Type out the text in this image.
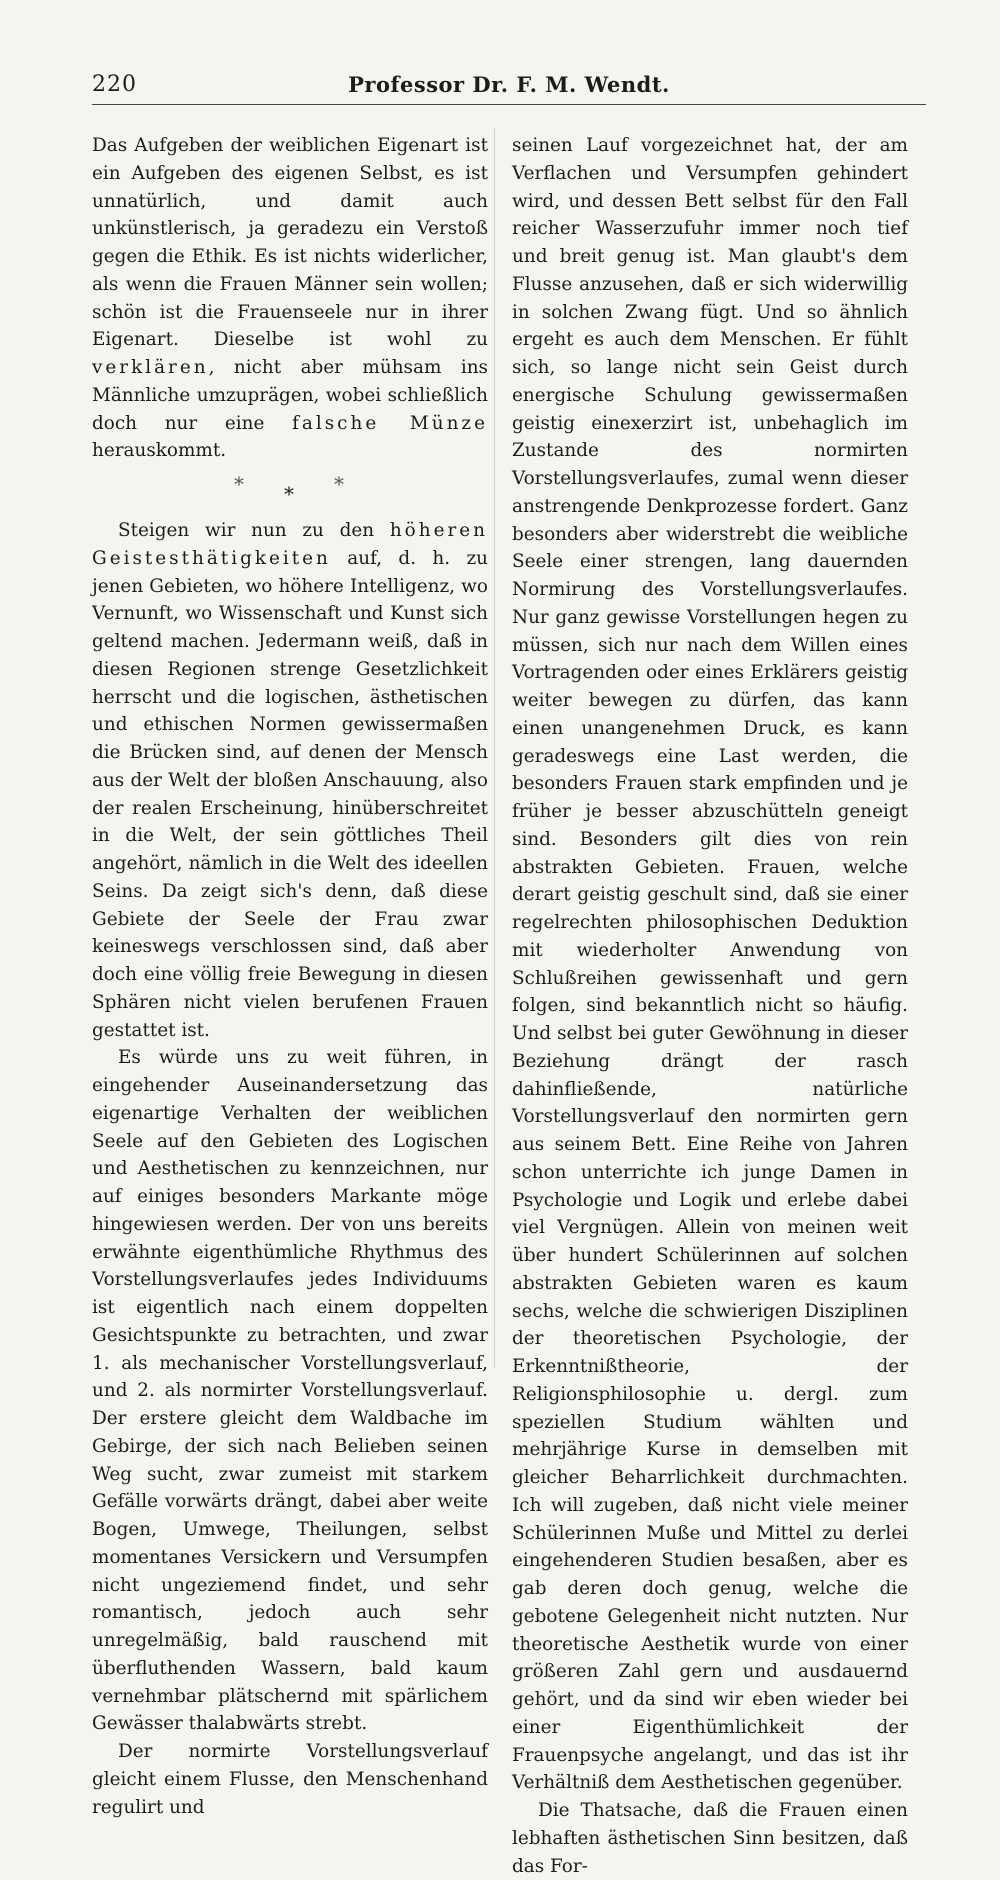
220	Professor Dr. F. M. Wendt.

Das Aufgeben der weiblichen Eigenart ist ein Aufgeben des eigenen Selbst, es ist unnatürlich, und damit auch unkünstlerisch, ja geradezu ein Verstoß gegen die Ethik. Es ist nichts widerlicher, als wenn die Frauen Männer sein wollen; schön ist die Frauenseele nur in ihrer Eigenart. Dieselbe ist wohl zu verklären, nicht aber mühsam ins Männliche umzuprägen, wobei schließlich doch nur eine falsche Münze herauskommt.

* * *

Steigen wir nun zu den höheren Geistesthätigkeiten auf, d. h. zu jenen Gebieten, wo höhere Intelligenz, wo Vernunft, wo Wissenschaft und Kunst sich geltend machen. Jedermann weiß, daß in diesen Regionen strenge Gesetzlichkeit herrscht und die logischen, ästhetischen und ethischen Normen gewissermaßen die Brücken sind, auf denen der Mensch aus der Welt der bloßen Anschauung, also der realen Erscheinung, hinüberschreitet in die Welt, der sein göttliches Theil angehört, nämlich in die Welt des ideellen Seins. Da zeigt sich's denn, daß diese Gebiete der Seele der Frau zwar keineswegs verschlossen sind, daß aber doch eine völlig freie Bewegung in diesen Sphären nicht vielen berufenen Frauen gestattet ist.

Es würde uns zu weit führen, in eingehender Auseinandersetzung das eigenartige Verhalten der weiblichen Seele auf den Gebieten des Logischen und Aesthetischen zu kennzeichnen, nur auf einiges besonders Markante möge hingewiesen werden. Der von uns bereits erwähnte eigenthümliche Rhythmus des Vorstellungsverlaufes jedes Individuums ist eigentlich nach einem doppelten Gesichtspunkte zu betrachten, und zwar 1. als mechanischer Vorstellungsverlauf, und 2. als normirter Vorstellungsverlauf. Der erstere gleicht dem Waldbache im Gebirge, der sich nach Belieben seinen Weg sucht, zwar zumeist mit starkem Gefälle vorwärts drängt, dabei aber weite Bogen, Umwege, Theilungen, selbst momentanes Versickern und Versumpfen nicht ungeziemend findet, und sehr romantisch, jedoch auch sehr unregelmäßig, bald rauschend mit überfluthenden Wassern, bald kaum vernehmbar plätschernd mit spärlichem Gewässer thalabwärts strebt.

Der normirte Vorstellungsverlauf gleicht einem Flusse, den Menschenhand regulirt und

seinen Lauf vorgezeichnet hat, der am Verflachen und Versumpfen gehindert wird, und dessen Bett selbst für den Fall reicher Wasserzufuhr immer noch tief und breit genug ist. Man glaubt's dem Flusse anzusehen, daß er sich widerwillig in solchen Zwang fügt. Und so ähnlich ergeht es auch dem Menschen. Er fühlt sich, so lange nicht sein Geist durch energische Schulung gewissermaßen geistig einexerzirt ist, unbehaglich im Zustande des normirten Vorstellungsverlaufes, zumal wenn dieser anstrengende Denkprozesse fordert. Ganz besonders aber widerstrebt die weibliche Seele einer strengen, lang dauernden Normirung des Vorstellungsverlaufes. Nur ganz gewisse Vorstellungen hegen zu müssen, sich nur nach dem Willen eines Vortragenden oder eines Erklärers geistig weiter bewegen zu dürfen, das kann einen unangenehmen Druck, es kann geradeswegs eine Last werden, die besonders Frauen stark empfinden und je früher je besser abzuschütteln geneigt sind. Besonders gilt dies von rein abstrakten Gebieten. Frauen, welche derart geistig geschult sind, daß sie einer regelrechten philosophischen Deduktion mit wiederholter Anwendung von Schlußreihen gewissenhaft und gern folgen, sind bekanntlich nicht so häufig. Und selbst bei guter Gewöhnung in dieser Beziehung drängt der rasch dahinfließende, natürliche Vorstellungsverlauf den normirten gern aus seinem Bett. Eine Reihe von Jahren schon unterrichte ich junge Damen in Psychologie und Logik und erlebe dabei viel Vergnügen. Allein von meinen weit über hundert Schülerinnen auf solchen abstrakten Gebieten waren es kaum sechs, welche die schwierigen Disziplinen der theoretischen Psychologie, der Erkenntnißtheorie, der Religionsphilosophie u. dergl. zum speziellen Studium wählten und mehrjährige Kurse in demselben mit gleicher Beharrlichkeit durchmachten. Ich will zugeben, daß nicht viele meiner Schülerinnen Muße und Mittel zu derlei eingehenderen Studien besaßen, aber es gab deren doch genug, welche die gebotene Gelegenheit nicht nutzten. Nur theoretische Aesthetik wurde von einer größeren Zahl gern und ausdauernd gehört, und da sind wir eben wieder bei einer Eigenthümlichkeit der Frauenpsyche angelangt, und das ist ihr Verhältniß dem Aesthetischen gegenüber.

Die Thatsache, daß die Frauen einen lebhaften ästhetischen Sinn besitzen, daß das For-
